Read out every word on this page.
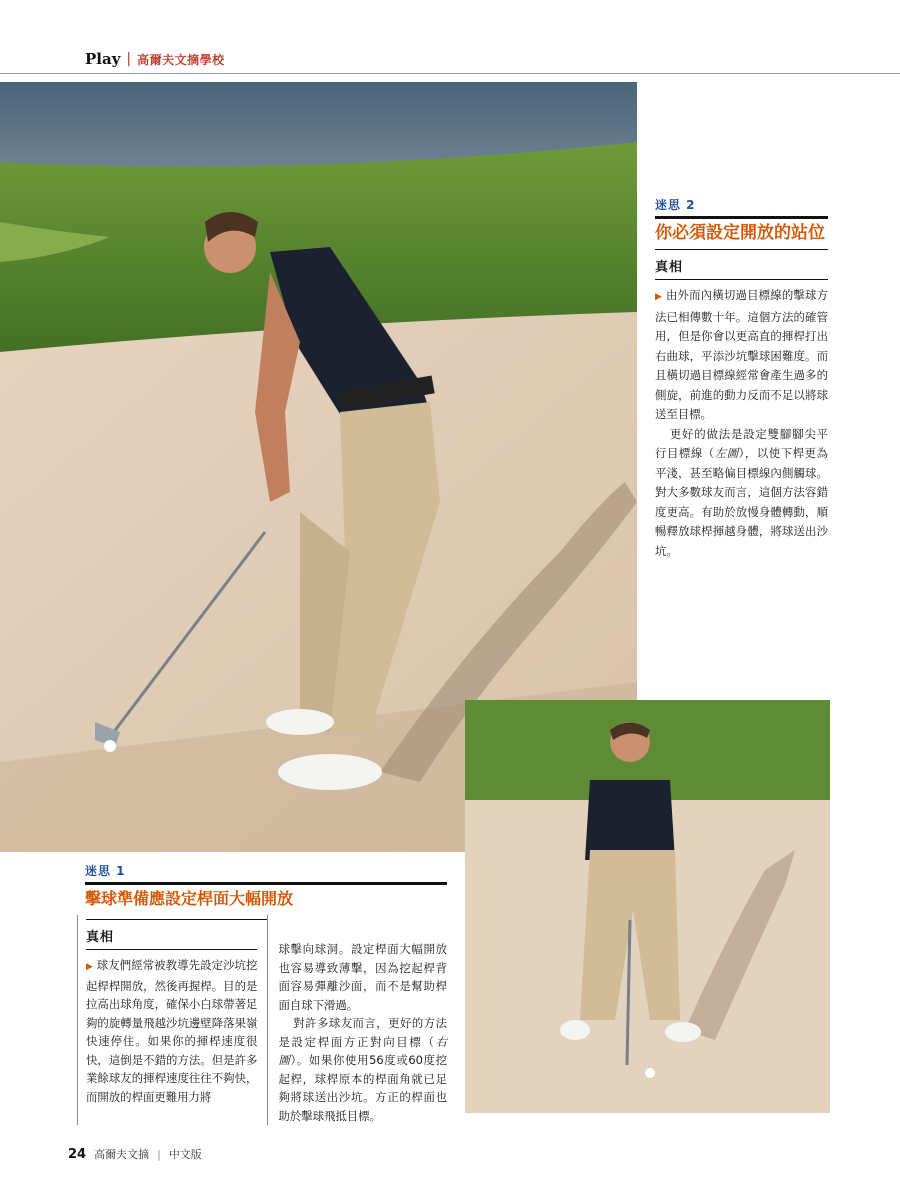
Play | 高爾夫文摘學校
迷思 2
你必須設定開放的站位
真相

▶ 由外而內橫切過目標線的擊球方法已相傳數十年。這個方法的確管用，但是你會以更高直的揮桿打出右曲球，平添沙坑擊球困難度。而且橫切過目標線經常會產生過多的側旋，前進的動力反而不足以將球送至目標。

更好的做法是設定雙腳腳尖平行目標線（左圖），以使下桿更為平淺，甚至略偏目標線內側觸球。對大多數球友而言，這個方法容錯度更高。有助於放慢身體轉動，順暢釋放球桿揮越身體，將球送出沙坑。

迷思 1
擊球準備應設定桿面大幅開放
真相
▶ 球友們經常被教導先設定沙坑挖起桿桿開放，然後再握桿。目的是拉高出球角度，確保小白球帶著足夠的旋轉量飛越沙坑邊壁降落果嶺快速停住。如果你的揮桿速度很快，這倒是不錯的方法。但是許多業餘球友的揮桿速度往往不夠快，而開放的桿面更難用力將

球擊向球洞。設定桿面大幅開放也容易導致薄擊，因為挖起桿背面容易彈離沙面，而不是幫助桿面自球下滑過。

對許多球友而言，更好的方法是設定桿面方正對向目標（右圖）。如果你使用56度或60度挖起桿，球桿原本的桿面角就已足夠將球送出沙坑。方正的桿面也助於擊球飛抵目標。

24 高爾夫文摘 | 中文版
